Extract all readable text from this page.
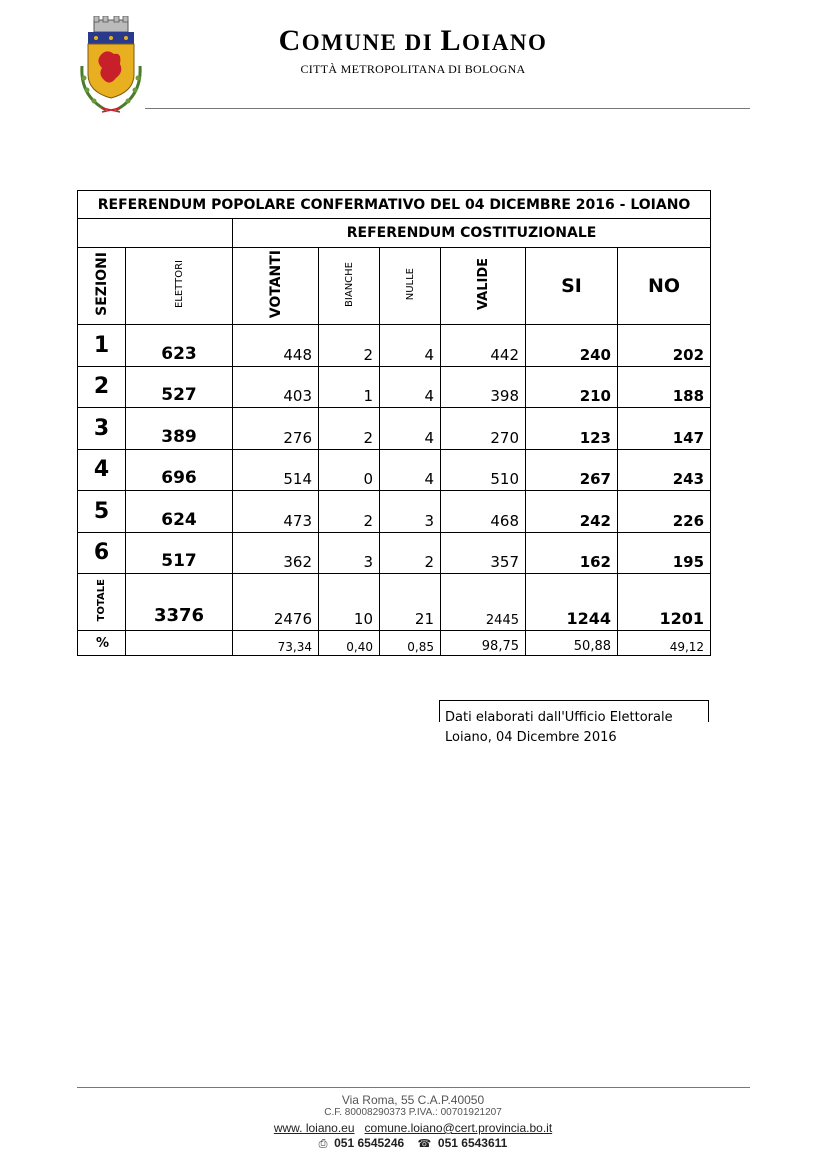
COMUNE DI LOIANO
CITTÀ METROPOLITANA DI BOLOGNA
REFERENDUM POPOLARE CONFERMATIVO DEL 04 DICEMBRE 2016 - LOIANO							
		REFERENDUM COSTITUZIONALE					
SEZIONI	ELETTORI	VOTANTI	BIANCHE	NULLE	VALIDE	SI	NO
1	623	448	2	4	442	240	202
2	527	403	1	4	398	210	188
3	389	276	2	4	270	123	147
4	696	514	0	4	510	267	243
5	624	473	2	3	468	242	226
6	517	362	3	2	357	162	195
TOTALE	3376	2476	10	21	2445	1244	1201
%		73,34	0,40	0,85	98,75	50,88	49,12
Dati elaborati dall'Ufficio Elettorale
Loiano, 04 Dicembre 2016
Via Roma, 55 C.A.P.40050
C.F. 80008290373 P.IVA.: 00701921207
www. loiano.eu comune.loiano@cert.provincia.bo.it
⎙ 051 6545246 ☎ 051 6543611
